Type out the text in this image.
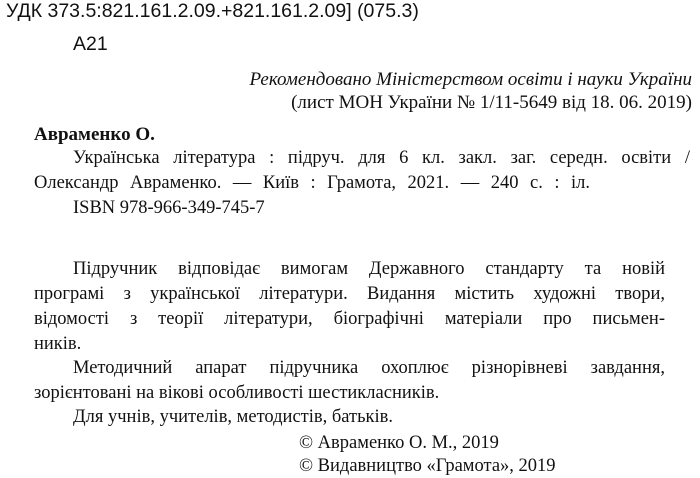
УДК 373.5:821.161.2.09.+821.161.2.09] (075.3)
А21
Рекомендовано Міністерством освіти і науки України
(лист МОН України № 1/11-5649 від 18. 06. 2019)
Авраменко О.
Українська література : підруч. для 6 кл. закл. заг. середн. освіти /
Олександр Авраменко. — Київ : Грамота, 2021. — 240 с. : іл.
ISBN 978-966-349-745-7
Підручник відповідає вимогам Державного стандарту та новій
програмі з української літератури. Видання містить художні твори,
відомості з теорії літератури, біографічні матеріали про письмен-
ників.
Методичний апарат підручника охоплює різнорівневі завдання,
зорієнтовані на вікові особливості шестикласників.
Для учнів, учителів, методистів, батьків.
© Авраменко О. М., 2019
© Видавництво «Грамота», 2019
